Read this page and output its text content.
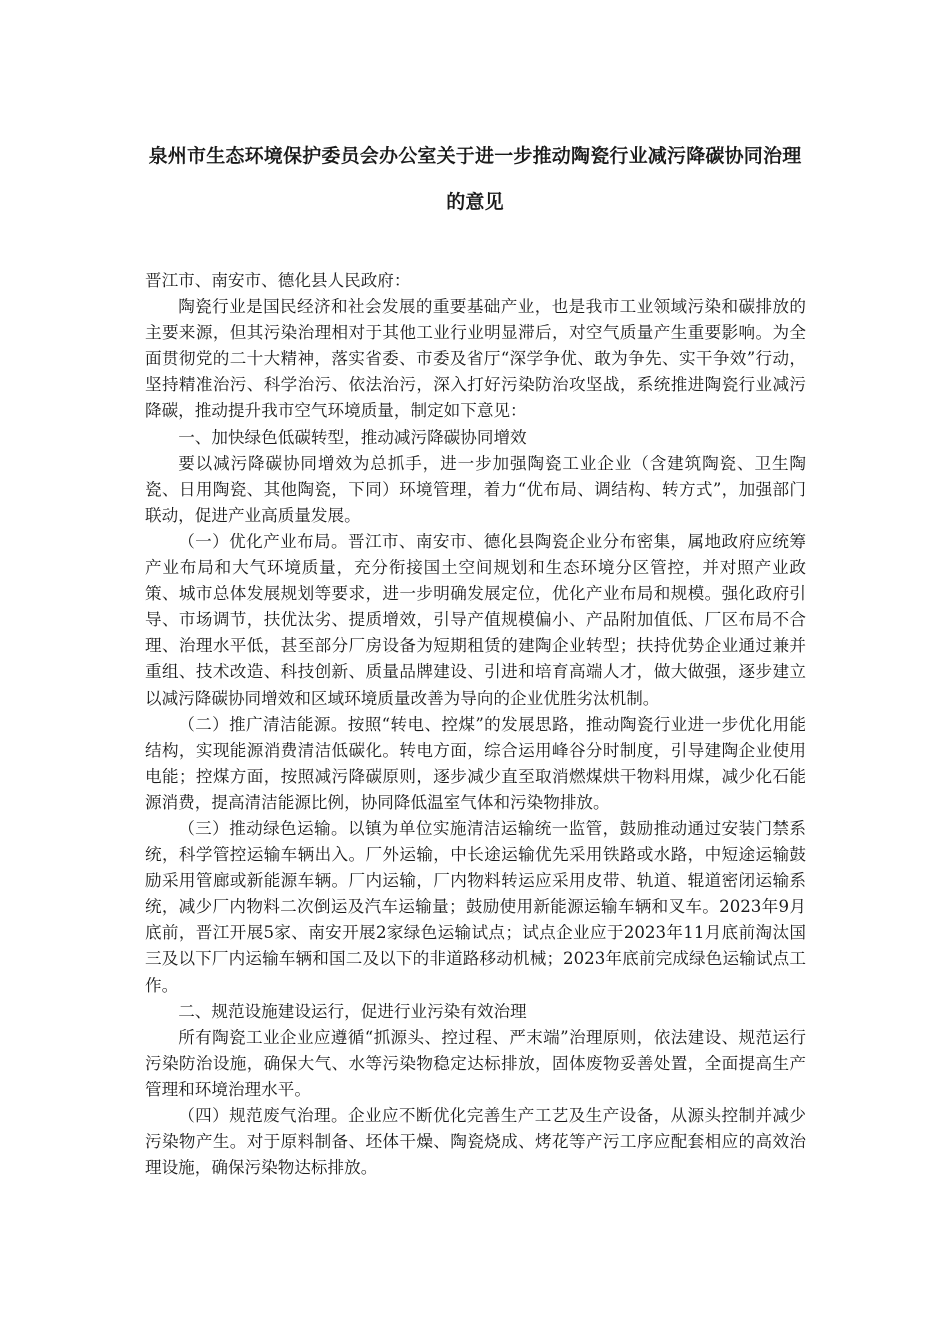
泉州市生态环境保护委员会办公室关于进一步推动陶瓷行业减污降碳协同治理
的意见

晋江市、南安市、德化县人民政府：

陶瓷行业是国民经济和社会发展的重要基础产业，也是我市工业领域污染和碳排放的主要来源，但其污染治理相对于其他工业行业明显滞后，对空气质量产生重要影响。为全面贯彻党的二十大精神，落实省委、市委及省厅“深学争优、敢为争先、实干争效”行动，坚持精准治污、科学治污、依法治污，深入打好污染防治攻坚战，系统推进陶瓷行业减污降碳，推动提升我市空气环境质量，制定如下意见：

一、加快绿色低碳转型，推动减污降碳协同增效

要以减污降碳协同增效为总抓手，进一步加强陶瓷工业企业（含建筑陶瓷、卫生陶瓷、日用陶瓷、其他陶瓷，下同）环境管理，着力“优布局、调结构、转方式”，加强部门联动，促进产业高质量发展。

（一）优化产业布局。晋江市、南安市、德化县陶瓷企业分布密集，属地政府应统筹产业布局和大气环境质量，充分衔接国土空间规划和生态环境分区管控，并对照产业政策、城市总体发展规划等要求，进一步明确发展定位，优化产业布局和规模。强化政府引导、市场调节，扶优汰劣、提质增效，引导产值规模偏小、产品附加值低、厂区布局不合理、治理水平低，甚至部分厂房设备为短期租赁的建陶企业转型；扶持优势企业通过兼并重组、技术改造、科技创新、质量品牌建设、引进和培育高端人才，做大做强，逐步建立以减污降碳协同增效和区域环境质量改善为导向的企业优胜劣汰机制。

（二）推广清洁能源。按照“转电、控煤”的发展思路，推动陶瓷行业进一步优化用能结构，实现能源消费清洁低碳化。转电方面，综合运用峰谷分时制度，引导建陶企业使用电能；控煤方面，按照减污降碳原则，逐步减少直至取消燃煤烘干物料用煤，减少化石能源消费，提高清洁能源比例，协同降低温室气体和污染物排放。

（三）推动绿色运输。以镇为单位实施清洁运输统一监管，鼓励推动通过安装门禁系统，科学管控运输车辆出入。厂外运输，中长途运输优先采用铁路或水路，中短途运输鼓励采用管廊或新能源车辆。厂内运输，厂内物料转运应采用皮带、轨道、辊道密闭运输系统，减少厂内物料二次倒运及汽车运输量；鼓励使用新能源运输车辆和叉车。2023年9月底前，晋江开展5家、南安开展2家绿色运输试点；试点企业应于2023年11月底前淘汰国三及以下厂内运输车辆和国二及以下的非道路移动机械；2023年底前完成绿色运输试点工作。

二、规范设施建设运行，促进行业污染有效治理

所有陶瓷工业企业应遵循“抓源头、控过程、严末端”治理原则，依法建设、规范运行污染防治设施，确保大气、水等污染物稳定达标排放，固体废物妥善处置，全面提高生产管理和环境治理水平。

（四）规范废气治理。企业应不断优化完善生产工艺及生产设备，从源头控制并减少污染物产生。对于原料制备、坯体干燥、陶瓷烧成、烤花等产污工序应配套相应的高效治理设施，确保污染物达标排放。
